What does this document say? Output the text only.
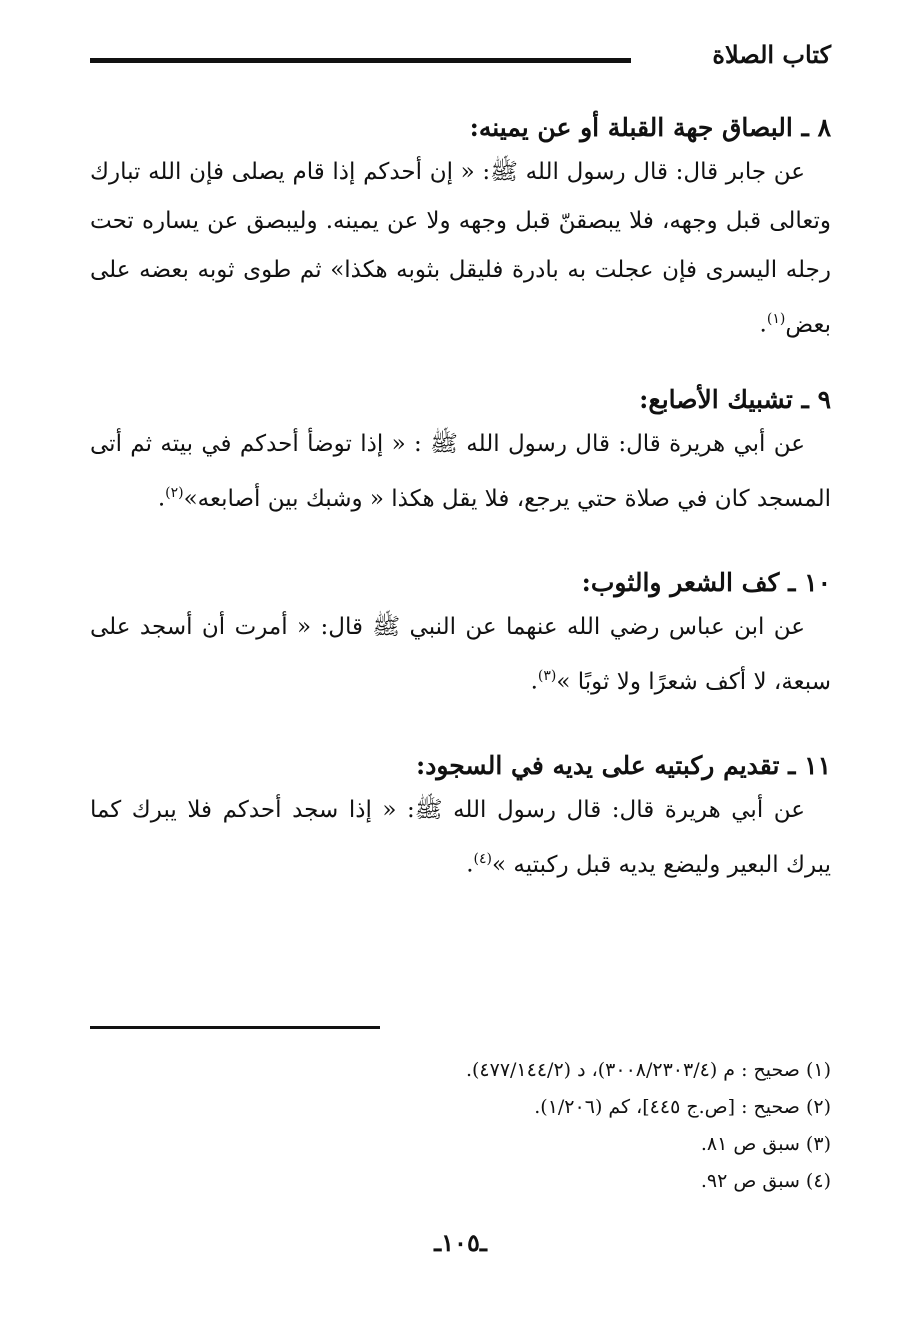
كتاب الصلاة
٨ ـ البصاق جهة القبلة أو عن يمينه:

عن جابر قال: قال رسول الله ﷺ: « إن أحدكم إذا قام يصلى فإن الله تبارك وتعالى قبل وجهه، فلا يبصقنّ قبل وجهه ولا عن يمينه. وليبصق عن يساره تحت رجله اليسرى فإن عجلت به بادرة فليقل بثوبه هكذا» ثم طوى ثوبه بعضه على بعض$^{(١)}$.

٩ ـ تشبيك الأصابع:

عن أبي هريرة قال: قال رسول الله ﷺ : « إذا توضأ أحدكم في بيته ثم أتى المسجد كان في صلاة حتي يرجع، فلا يقل هكذا « وشبك بين أصابعه»$^{(٢)}$.

١٠ ـ كف الشعر والثوب:

عن ابن عباس رضي الله عنهما عن النبي ﷺ قال: « أمرت أن أسجد على سبعة، لا أكف شعرًا ولا ثوبًا »$^{(٣)}$.

١١ ـ تقديم ركبتيه على يديه في السجود:

عن أبي هريرة قال: قال رسول الله ﷺ: « إذا سجد أحدكم فلا يبرك كما يبرك البعير وليضع يديه قبل ركبتيه »$^{(٤)}$.

(١) صحيح : م (٣٠٠٨/٢٣٠٣/٤)، د (٤٧٧/١٤٤/٢).

(٢) صحيح : [ص.ج ٤٤٥]، كم (١/٢٠٦).

(٣) سبق ص ٨١.

(٤) سبق ص ٩٢.

ـ١٠٥ـ
